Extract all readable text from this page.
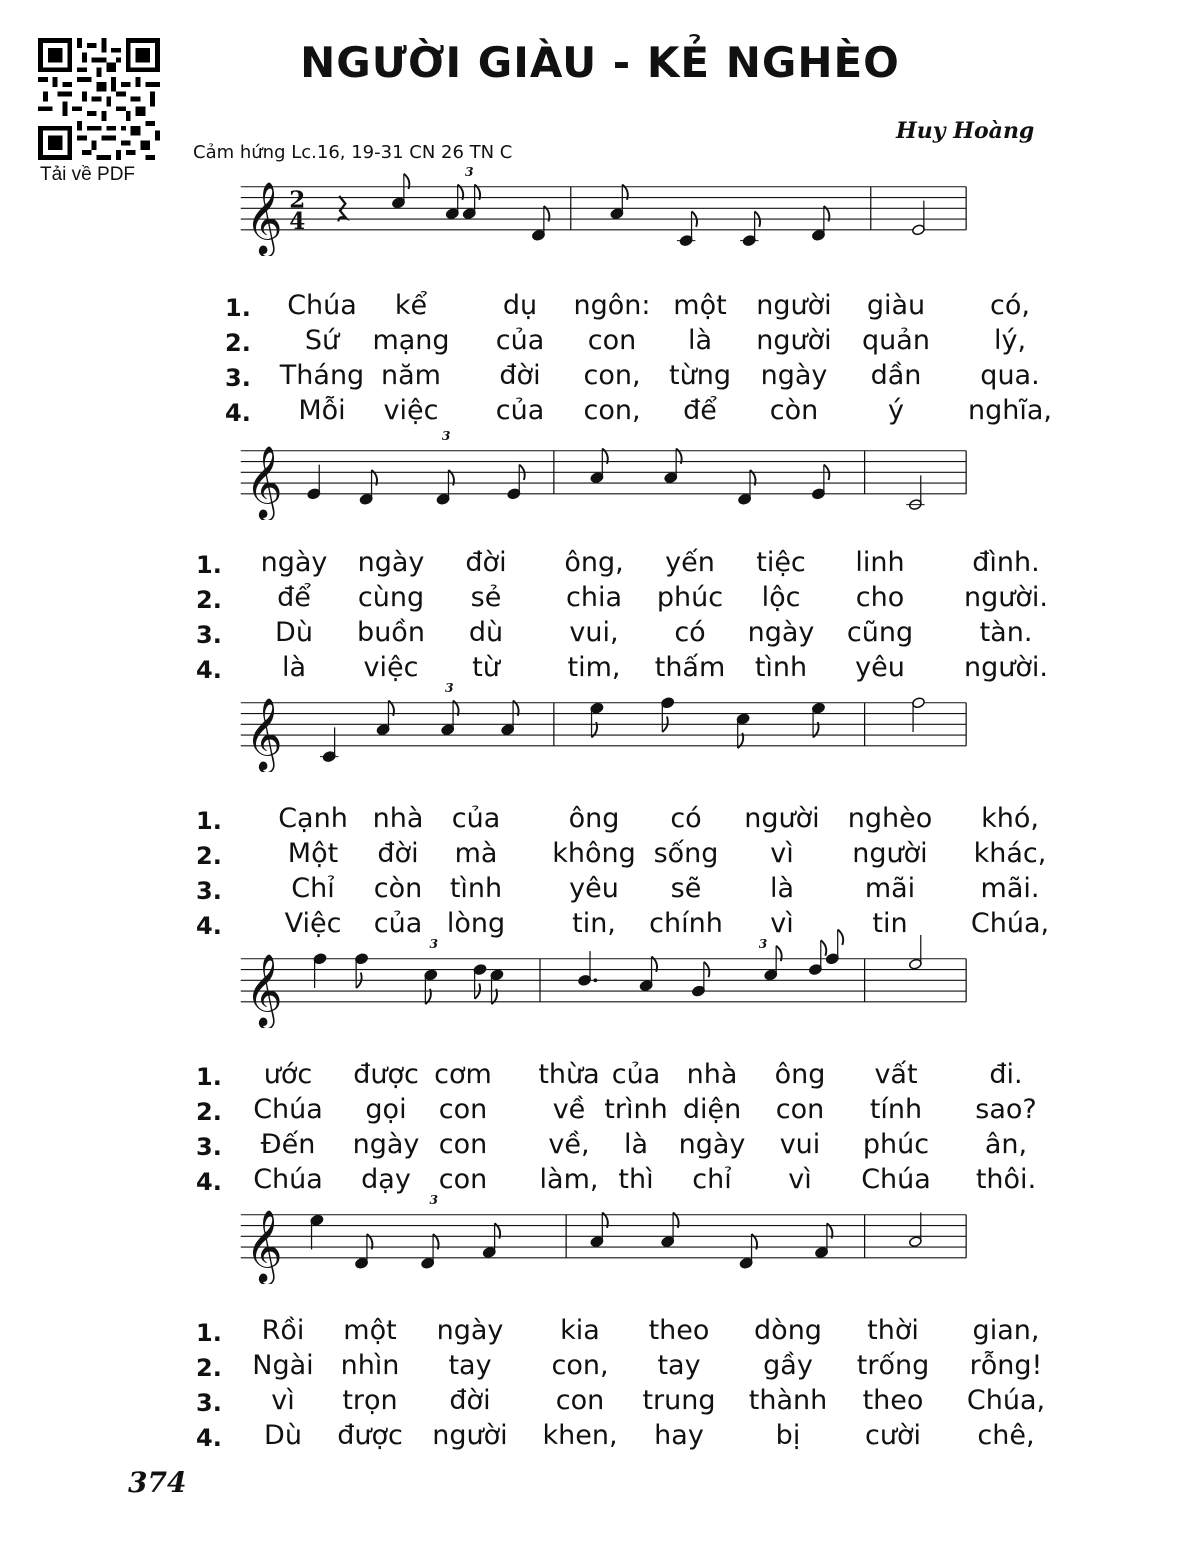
Tải về PDF
NGƯỜI GIÀU - KẺ NGHÈO
Huy Hoàng
Cảm hứng Lc.16, 19-31 CN 26 TN C
𝄞 2
4
3
1. Chúa kể	dụ ngôn: một người giàu có,
2. Sứ mạng của con là người quản lý,
3. Tháng năm đời con, từng ngày dần qua.
4. Mỗi việc của con, để còn	ý nghĩa,
𝄞
3
1. ngày ngày đời ông, yến tiệc linh	đình.
2. để cùng sẻ chia phúc lộc cho người.
3. Dù buồn dù vui, có ngày cũng tàn.
4. là việc từ	tim, thấm tình yêu người.
𝄞
3
1. Cạnh nhà của	ông có người nghèo khó,
2. Một đời mà không sống vì người khác,
3.	Chỉ còn tình yêu sẽ	là	mãi mãi.
4. Việc của lòng tin, chính vì	tin Chúa,
𝄞
3	3
1. ước được cơm thừa của nhà ông vất	đi.
2. Chúa gọi con về trình diện con tính sao?
3. Đến ngày con về, là ngày vui phúc ân,
4. Chúa dạy con làm, thì chỉ vì Chúa thôi.
𝄞
3
1. Rồi một ngày kia theo dòng thời gian,
2. Ngài nhìn tay con, tay gầy trống rỗng!
3. vì trọn đời con trung thành theo Chúa,
4. Dù được người khen, hay	bị cười chê,
374
